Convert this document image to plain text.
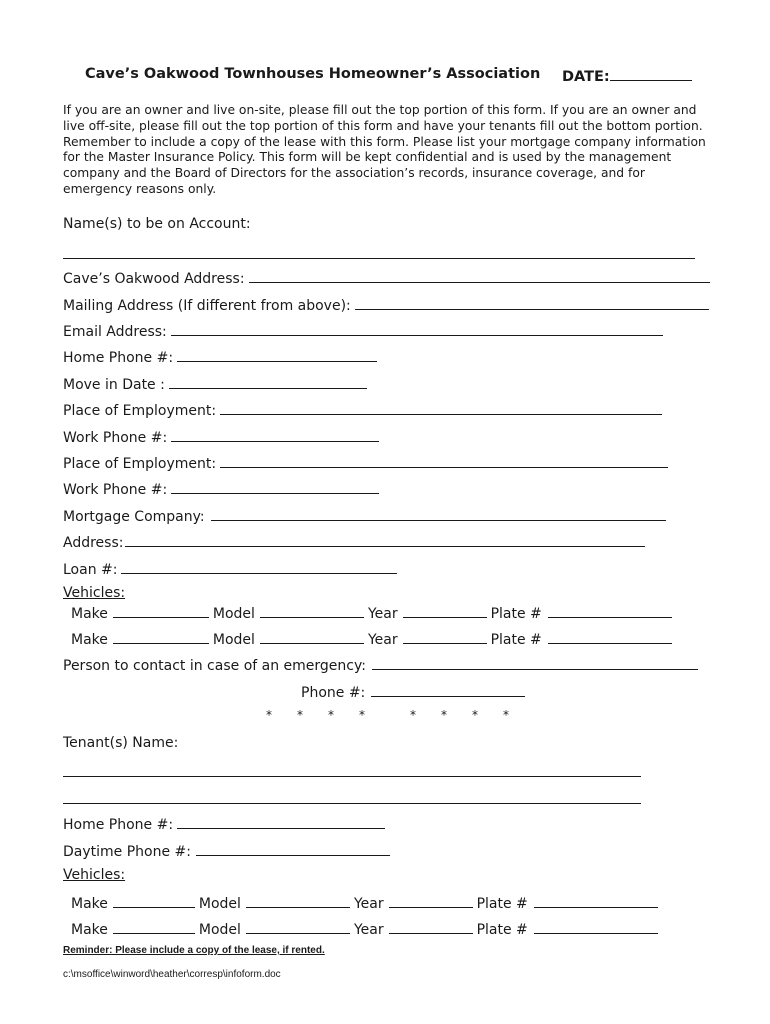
Cave’s Oakwood Townhouses Homeowner’s Association DATE:
If you are an owner and live on-site, please fill out the top portion of this form. If you are an owner and live off-site, please fill out the top portion of this form and have your tenants fill out the bottom portion. Remember to include a copy of the lease with this form. Please list your mortgage company information for the Master Insurance Policy. This form will be kept confidential and is used by the management company and the Board of Directors for the association’s records, insurance coverage, and for emergency reasons only.
Name(s) to be on Account:
Cave’s Oakwood Address:
Mailing Address (If different from above):
Email Address:
Home Phone #:
Move in Date :
Place of Employment:
Work Phone #:
Place of Employment:
Work Phone #:
Mortgage Company:
Address:
Loan #:
Vehicles:
Make	Model	Year	Plate #
Make	Model	Year	Plate #
Person to contact in case of an emergency:
Phone #:
* * * *	* * * *
Tenant(s) Name:
Home Phone #:
Daytime Phone #:
Vehicles:
Make	Model	Year	Plate #
Make	Model	Year	Plate #
Reminder: Please include a copy of the lease, if rented.
c:\msoffice\winword\heather\corresp\infoform.doc
